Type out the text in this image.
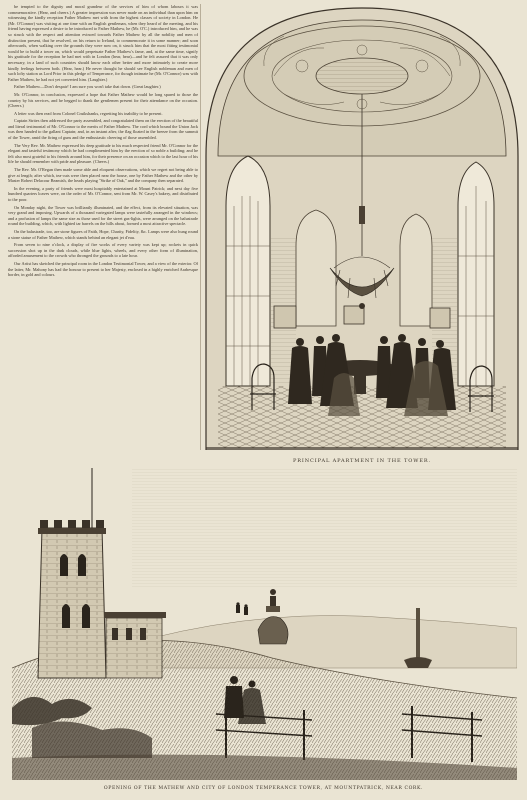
be tempted to the dignity and moral grandeur of the services of him of whom labours it was commemorative. (Hear, and cheers.) A greater impression was never made on an individual than upon him on witnessing the kindly reception Father Mathew met with from the highest classes of society in London. He (Mr. O'Connor) was visiting at one time with an English gentleman, when they heard of the meeting, and his friend having expressed a desire to be introduced to Father Mathew, he (Mr. O'C.) introduced him, and he was so struck with the respect and attention evinced towards Father Mathew by all the nobility and men of distinction present, that he resolved, on his return to Ireland, to commemorate it in some manner; and soon afterwards, when walking over the grounds they were now on, it struck him that the most fitting testimonial would be to build a tower on, which would perpetuate Father Mathew's fame, and, at the same time, signify his gratitude for the reception he had met with in London (hear, hear)—and he felt assured that it was only necessary, in a land of such countries should know each other better and more intimately to create more kindly feelings between both. (Hear, hear.) He never thought he should see English nobleman and men of such lofty station as Lord Prior in this pledge of Temperance, for though intimate he (Mr. O'Connor) was with Father Mathew, he had not yet converted him. (Laughter.)

Father Mathew—Don't despair! I am sure you won't take that down. (Great laughter.)

Mr. O'Connor, in conclusion, expressed a hope that Father Mathew would be long spared to those the country by his services, and he begged to thank the gentlemen present for their attendance on the occasion. (Cheers.)

A letter was then read from Colonel Cruikshanks, regretting his inability to be present.

Captain Strites then addressed the party assembled, and congratulated them on the erection of the beautiful and literal testimonial of Mr. O'Connor to the merits of Father Mathew. The cord which bound the Union Jack was then handed to the gallant Captain; and, in an instant after, the flag floated in the breeze from the summit of the Tower, amid the firing of guns and the enthusiastic cheering of those assembled.

The Very Rev. Mr. Mathew expressed his deep gratitude to his much respected friend Mr. O'Connor for the elegant and tasteful testimony which he had complimented him by the erection of so noble a building; and he felt also most grateful to his friends around him, for their presence on an occasion which to the last hour of his life he should remember with pride and pleasure. (Cheers.)

The Rev. Mr. O'Regan then made some able and eloquent observations, which we regret not being able to give at length; after which, tea-cuts were then placed near the house, one by Father Mathew and the other by Master Robert Delacour Beamish, the heads playing "Strike of Oak," and the company then separated.

In the evening, a party of friends were most hospitably entertained at Mount Patrick; and next day five hundred quarters loaves were, on the order of Mr. O'Connor, sent from Mr. W. Casey's bakery, and distributed to the poor.

On Monday night, the Tower was brilliantly illuminated, and the effect, from its elevated situation, was very grand and imposing. Upwards of a thousand variegated lamps were tastefully arranged in the windows; and a profusion of lamps the same size as those used for the street gas-lights, were arranged on the balustrade round the building, which, with lighted tar barrels on the hills about, formed a most attractive spectacle.

On the balustrade, too, are stone figures of Faith, Hope, Charity, Fidelity, &c. Lamps were also hung round a stone statue of Father Mathew, which stands behind an elegant jet d'eau.

From seven to nine o'clock, a display of fire works of every variety was kept up; rockets in quick succession shot up in the dark clouds, while blue lights, wheels, and every other form of illumination, afforded amusement to the crowds who thronged the grounds to a late hour.

Our Artist has sketched the principal room in the London Testimonial Tower, and a view of the exterior. Of the latter, Mr. Mahony has had the honour to present to her Majesty, enclosed in a highly enriched Arabesque border, in gold and colours.

PRINCIPAL APARTMENT IN THE TOWER.
OPENING OF THE MATHEW AND CITY OF LONDON TEMPERANCE TOWER, AT MOUNTPATRICK, NEAR CORK.
